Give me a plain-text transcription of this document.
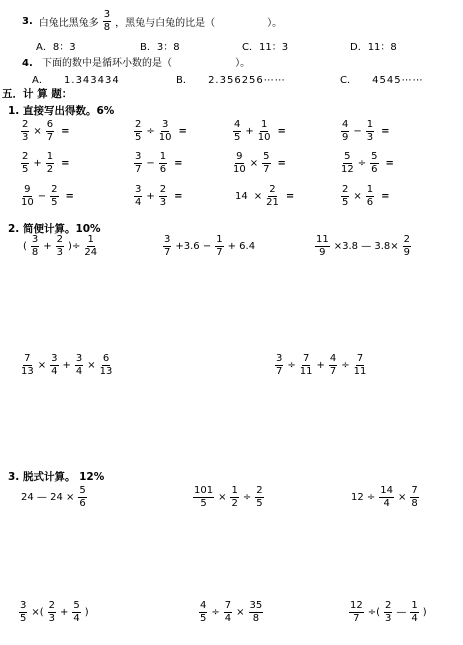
3. 白兔比黑兔多 $\frac{3}{8}$ ，黑兔与白兔的比是（	）。
A．8：3	B．3：8	C．11：3	D．11：8
4. 下面的数中是循环小数的是（	）。
A． 1.343434	B． 2.356256⋯⋯	C． 4545⋯⋯
五．计 算 题：
1. 直接写出得数。6%
$\frac{2}{3} \times \frac{6}{7}$ =	$\frac{2}{5} \div \frac{3}{10}$ =	$\frac{4}{5} + \frac{1}{10}$ =	$\frac{4}{9} - \frac{1}{3}$ =
$\frac{2}{5} + \frac{1}{2}$ =	$\frac{3}{7} - \frac{1}{6}$ =	$\frac{9}{10} \times \frac{5}{7}$ =	$\frac{5}{12} \div \frac{5}{6}$ =
$\frac{9}{10} - \frac{2}{5}$ =	$\frac{3}{4} + \frac{2}{3}$ =	$14 \times \frac{2}{21}$ =	$\frac{2}{5} \times \frac{1}{6}$ =
2. 简便计算。10%
( $\frac{3}{8} + \frac{2}{3}$ )÷ $\frac{1}{24}$	$\frac{3}{7} +3.6 - \frac{1}{7} + 6.4$	$\frac{11}{9} \times 3.8$ — $3.8\times \frac{2}{9}$
$\frac{7}{13} \times \frac{3}{4} + \frac{3}{4} \times \frac{6}{13}$	$\frac{3}{7} \div \frac{7}{11} + \frac{4}{7} \div \frac{7}{11}$
3. 脱式计算。 12%
24 — $24 \times \frac{5}{6}$	$\frac{101}{5} \times \frac{1}{2} \div \frac{2}{5}$	$12 \div \frac{14}{4} \times \frac{7}{8}$
$\frac{3}{5}$ ×( $\frac{2}{3} + \frac{5}{4}$ )	$\frac{4}{5} \div \frac{7}{4} \times \frac{35}{8}$	$\frac{12}{7}$ ÷( $\frac{2}{3}$ — $\frac{1}{4}$ )
